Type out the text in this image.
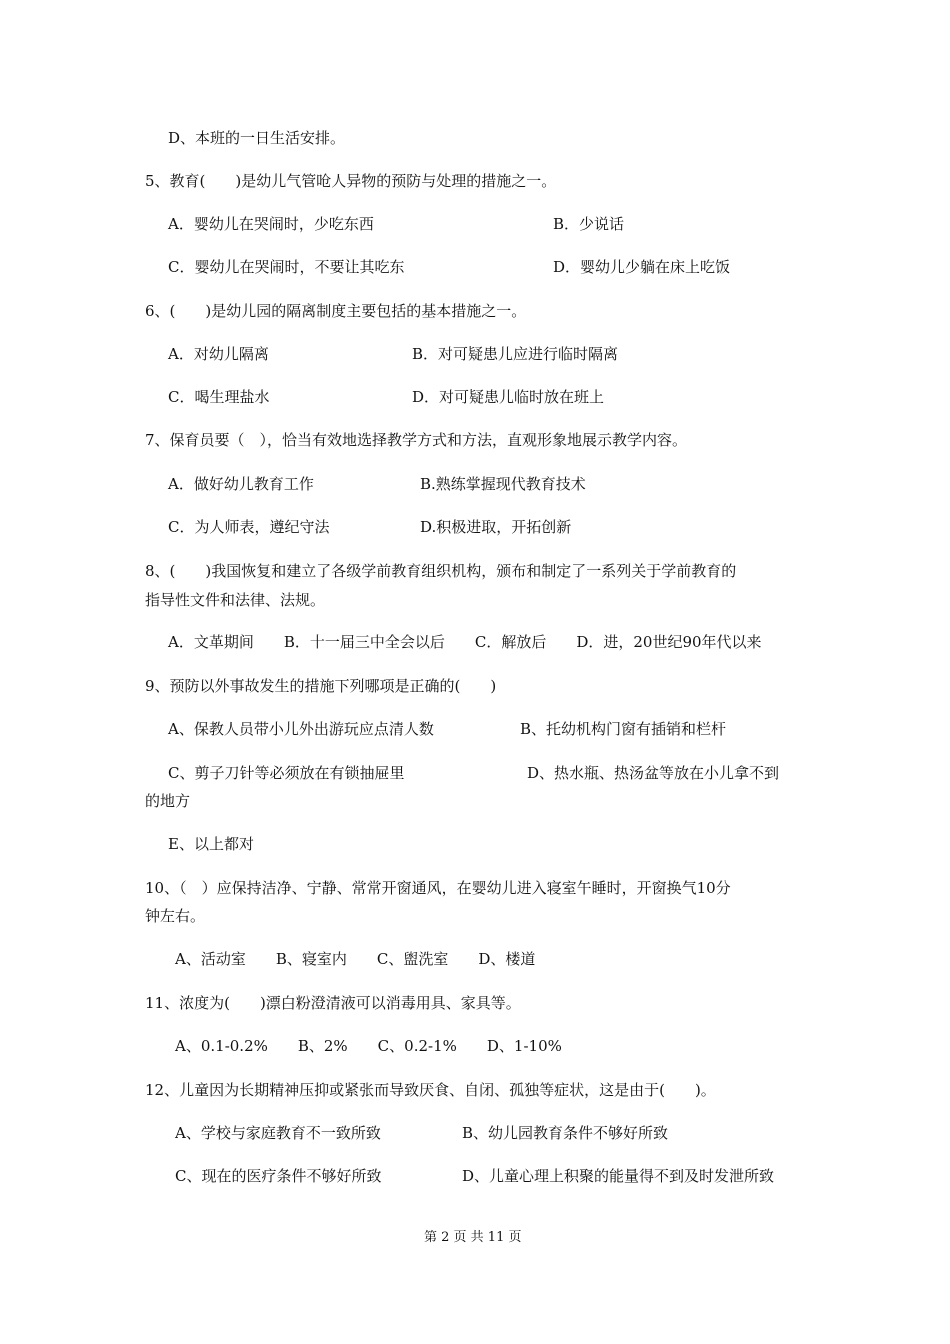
D、本班的一日生活安排。
5、教育(　　)是幼儿气管呛人异物的预防与处理的措施之一。
A．婴幼儿在哭闹时，少吃东西	B．少说话
C．婴幼儿在哭闹时，不要让其吃东	D．婴幼儿少躺在床上吃饭
6、(　　)是幼儿园的隔离制度主要包括的基本措施之一。
A．对幼儿隔离	B．对可疑患儿应进行临时隔离
C．喝生理盐水	D．对可疑患儿临时放在班上
7、保育员要（　），恰当有效地选择教学方式和方法，直观形象地展示教学内容。
A．做好幼儿教育工作	B.熟练掌握现代教育技术
C．为人师表，遵纪守法	D.积极进取，开拓创新
8、(　　)我国恢复和建立了各级学前教育组织机构，颁布和制定了一系列关于学前教育的
指导性文件和法律、法规。
A．文革期间　　B．十一届三中全会以后　　C．解放后　　D．进，20世纪90年代以来
9、预防以外事故发生的措施下列哪项是正确的(　　)
A、保教人员带小儿外出游玩应点清人数	B、托幼机构门窗有插销和栏杆
C、剪子刀针等必须放在有锁抽屉里	D、热水瓶、热汤盆等放在小儿拿不到
的地方
E、以上都对
10、（　）应保持洁净、宁静、常常开窗通风，在婴幼儿进入寝室午睡时，开窗换气10分
钟左右。
A、活动室　　B、寝室内　　C、盥洗室　　D、楼道
11、浓度为(　　)漂白粉澄清液可以消毒用具、家具等。
A、0.1-0.2%　　B、2%　　C、0.2-1%　　D、1-10%
12、儿童因为长期精神压抑或紧张而导致厌食、自闭、孤独等症状，这是由于(　　)。
A、学校与家庭教育不一致所致	B、幼儿园教育条件不够好所致
C、现在的医疗条件不够好所致	D、儿童心理上积聚的能量得不到及时发泄所致
第 2 页 共 11 页
